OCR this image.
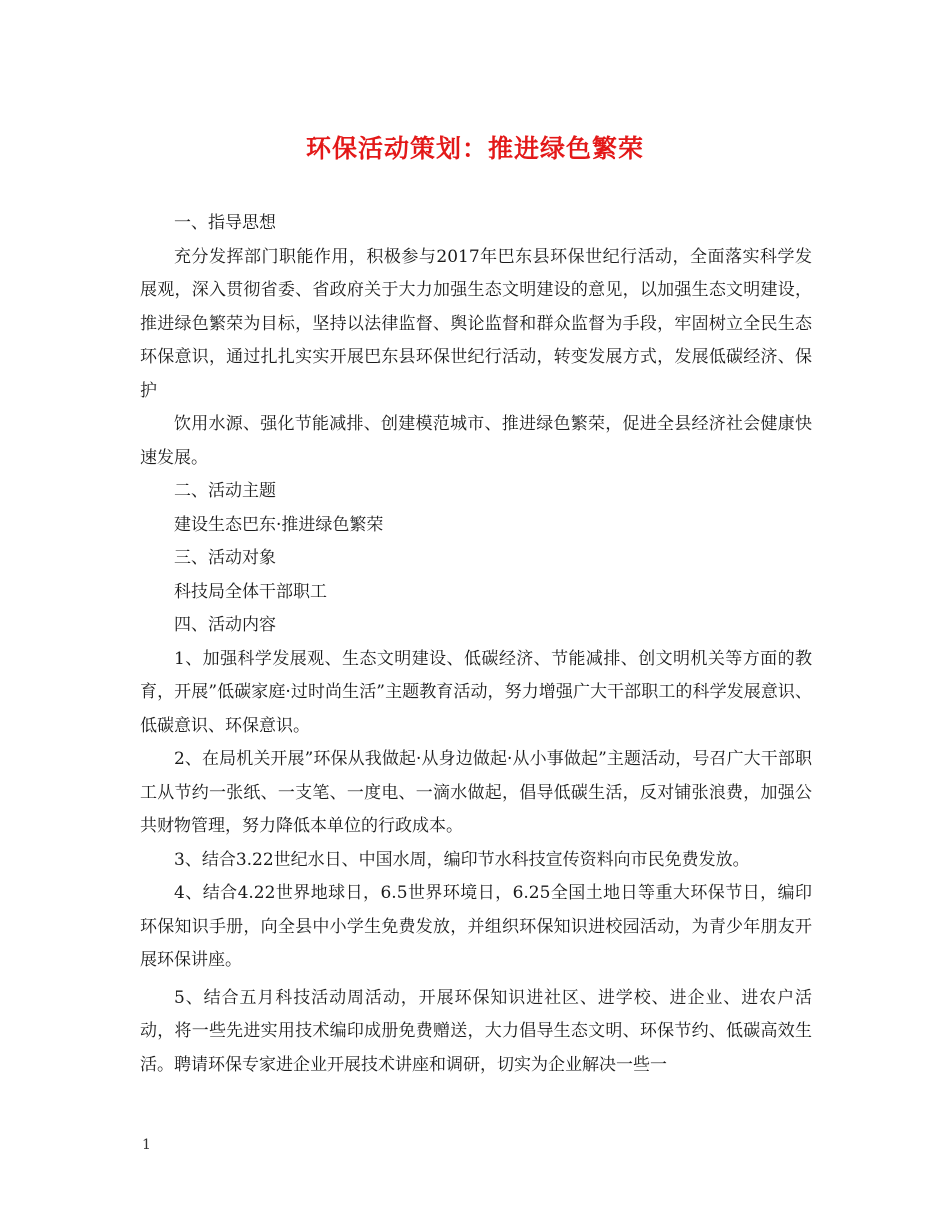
环保活动策划：推进绿色繁荣

一、指导思想

充分发挥部门职能作用，积极参与2017年巴东县环保世纪行活动，全面落实科学发展观，深入贯彻省委、省政府关于大力加强生态文明建设的意见，以加强生态文明建设，推进绿色繁荣为目标，坚持以法律监督、舆论监督和群众监督为手段，牢固树立全民生态环保意识，通过扎扎实实开展巴东县环保世纪行活动，转变发展方式，发展低碳经济、保护

饮用水源、强化节能减排、创建模范城市、推进绿色繁荣，促进全县经济社会健康快速发展。

二、活动主题

建设生态巴东·推进绿色繁荣

三、活动对象

科技局全体干部职工

四、活动内容

1、加强科学发展观、生态文明建设、低碳经济、节能减排、创文明机关等方面的教育，开展”低碳家庭·过时尚生活”主题教育活动，努力增强广大干部职工的科学发展意识、低碳意识、环保意识。

2、在局机关开展”环保从我做起·从身边做起·从小事做起”主题活动，号召广大干部职工从节约一张纸、一支笔、一度电、一滴水做起，倡导低碳生活，反对铺张浪费，加强公共财物管理，努力降低本单位的行政成本。

3、结合3.22世纪水日、中国水周，编印节水科技宣传资料向市民免费发放。

4、结合4.22世界地球日，6.5世界环境日，6.25全国土地日等重大环保节日，编印环保知识手册，向全县中小学生免费发放，并组织环保知识进校园活动，为青少年朋友开展环保讲座。

5、结合五月科技活动周活动，开展环保知识进社区、进学校、进企业、进农户活动，将一些先进实用技术编印成册免费赠送，大力倡导生态文明、环保节约、低碳高效生活。聘请环保专家进企业开展技术讲座和调研，切实为企业解决一些一

1
